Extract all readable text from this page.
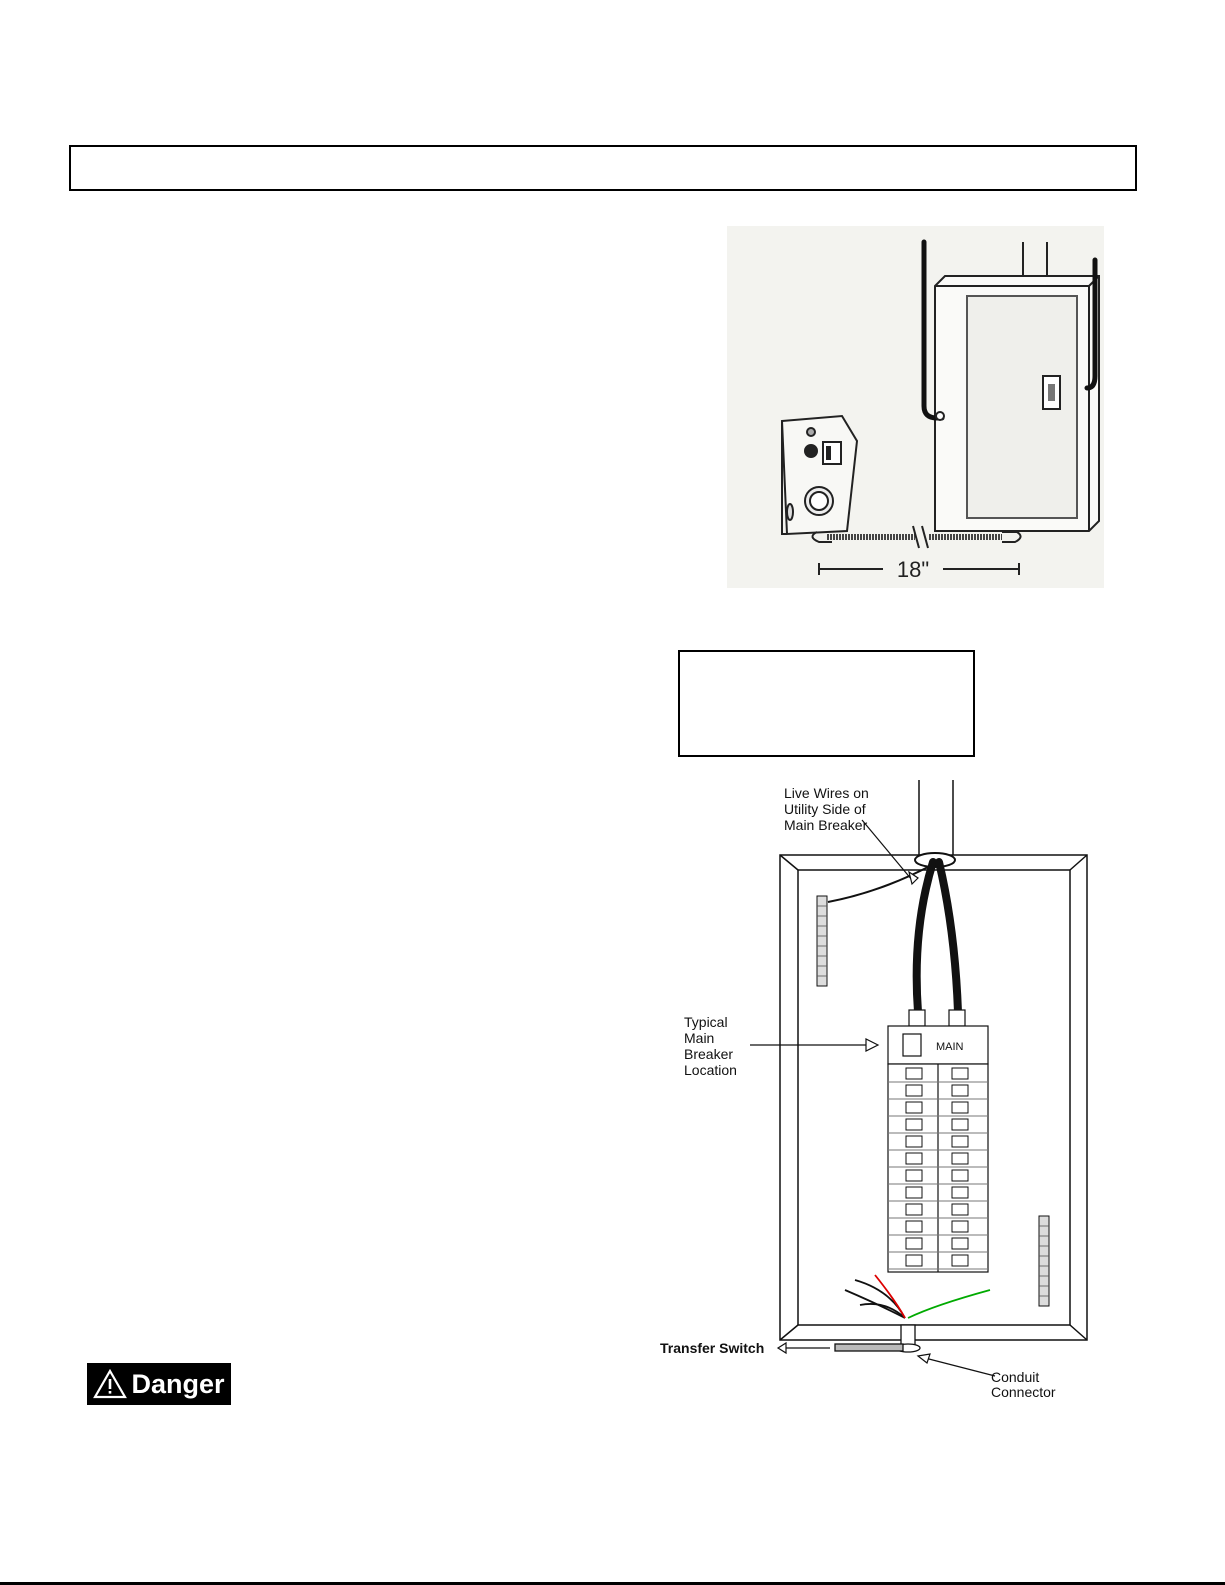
18"
MAIN
Live Wires on Utility Side of Main Breaker
Typical Main Breaker Location
Transfer Switch
Conduit Connector
Danger
